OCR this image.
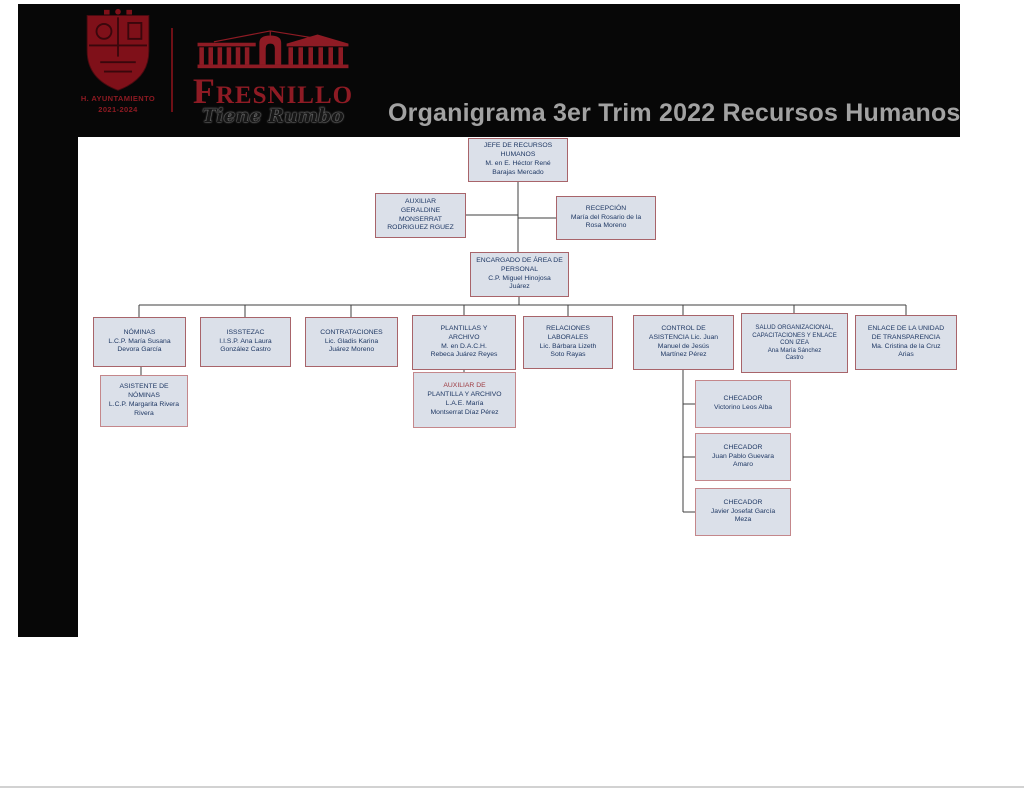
H. AYUNTAMIENTO
2021-2024	Fresnillo
Tiene Rumbo	Organigrama 3er Trim 2022 Recursos Humanos
JEFE DE RECURSOS
HUMANOS
M. en E. Héctor René
Barajas Mercado
AUXILIAR
GERALDINE
MONSERRAT
RODRIGUEZ RGUEZ
RECEPCIÓN
María del Rosario de la
Rosa Moreno
ENCARGADO DE ÁREA DE
PERSONAL
C.P. Miguel Hinojosa
Juárez
NÓMINAS
L.C.P. María Susana
Devora García
ISSSTEZAC
I.I.S.P. Ana Laura
González Castro
CONTRATACIONES
Lic. Gladis Karina
Juárez Moreno
PLANTILLAS Y
ARCHIVO
M. en D.A.C.H.
Rebeca Juárez Reyes
RELACIONES
LABORALES
Lic. Bárbara Lizeth
Soto Rayas
CONTROL DE
ASISTENCIA Lic. Juan
Manuel de Jesús
Martínez Pérez
SALUD ORGANIZACIONAL,
CAPACITACIONES Y ENLACE
CON IZEA
Ana María Sánchez
Castro
ENLACE DE LA UNIDAD
DE TRANSPARENCIA
Ma. Cristina de la Cruz
Arias
ASISTENTE DE
NÓMINAS
L.C.P. Margarita Rivera
Rivera
AUXILIAR DE
PLANTILLA Y ARCHIVO
L.A.E. María
Montserrat Díaz Pérez
CHECADOR
Victorino Leos Alba
CHECADOR
Juan Pablo Guevara
Amaro
CHECADOR
Javier Josefat García
Meza
